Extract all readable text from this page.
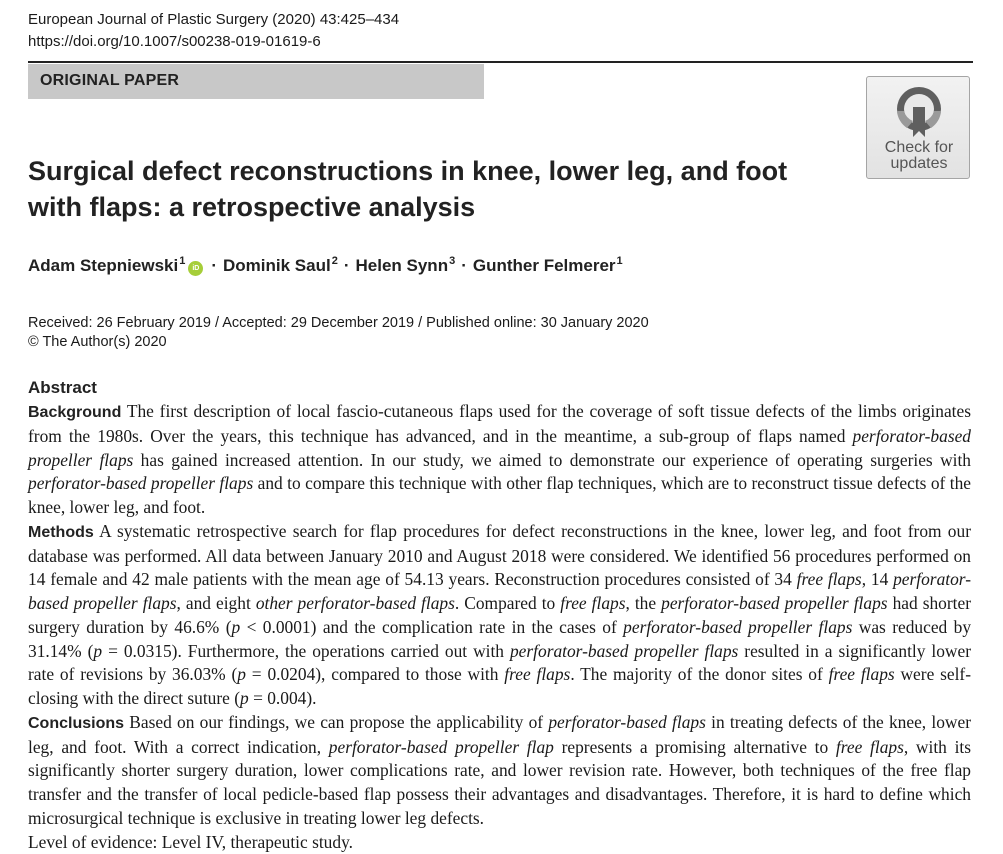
European Journal of Plastic Surgery (2020) 43:425–434
https://doi.org/10.1007/s00238-019-01619-6
ORIGINAL PAPER
Check for
updates
Surgical defect reconstructions in knee, lower leg, and foot
with flaps: a retrospective analysis
Adam Stepniewski$^1$iD · Dominik Saul$^2$ · Helen Synn$^3$ · Gunther Felmerer$^1$
Received: 26 February 2019 / Accepted: 29 December 2019 / Published online: 30 January 2020
© The Author(s) 2020
Abstract

Background The first description of local fascio-cutaneous flaps used for the coverage of soft tissue defects of the limbs originates from the 1980s. Over the years, this technique has advanced, and in the meantime, a sub-group of flaps named perforator-based propeller flaps has gained increased attention. In our study, we aimed to demonstrate our experience of operating surgeries with perforator-based propeller flaps and to compare this technique with other flap techniques, which are to reconstruct tissue defects of the knee, lower leg, and foot.

Methods A systematic retrospective search for flap procedures for defect reconstructions in the knee, lower leg, and foot from our database was performed. All data between January 2010 and August 2018 were considered. We identified 56 procedures performed on 14 female and 42 male patients with the mean age of 54.13 years. Reconstruction procedures consisted of 34 free flaps, 14 perforator-based propeller flaps, and eight other perforator-based flaps. Compared to free flaps, the perforator-based propeller flaps had shorter surgery duration by 46.6% (p < 0.0001) and the complication rate in the cases of perforator-based propeller flaps was reduced by 31.14% (p = 0.0315). Furthermore, the operations carried out with perforator-based propeller flaps resulted in a significantly lower rate of revisions by 36.03% (p = 0.0204), compared to those with free flaps. The majority of the donor sites of free flaps were self-closing with the direct suture (p = 0.004).

Conclusions Based on our findings, we can propose the applicability of perforator-based flaps in treating defects of the knee, lower leg, and foot. With a correct indication, perforator-based propeller flap represents a promising alternative to free flaps, with its significantly shorter surgery duration, lower complications rate, and lower revision rate. However, both techniques of the free flap transfer and the transfer of local pedicle-based flap possess their advantages and disadvantages. Therefore, it is hard to define which microsurgical technique is exclusive in treating lower leg defects.

Level of evidence: Level IV, therapeutic study.
